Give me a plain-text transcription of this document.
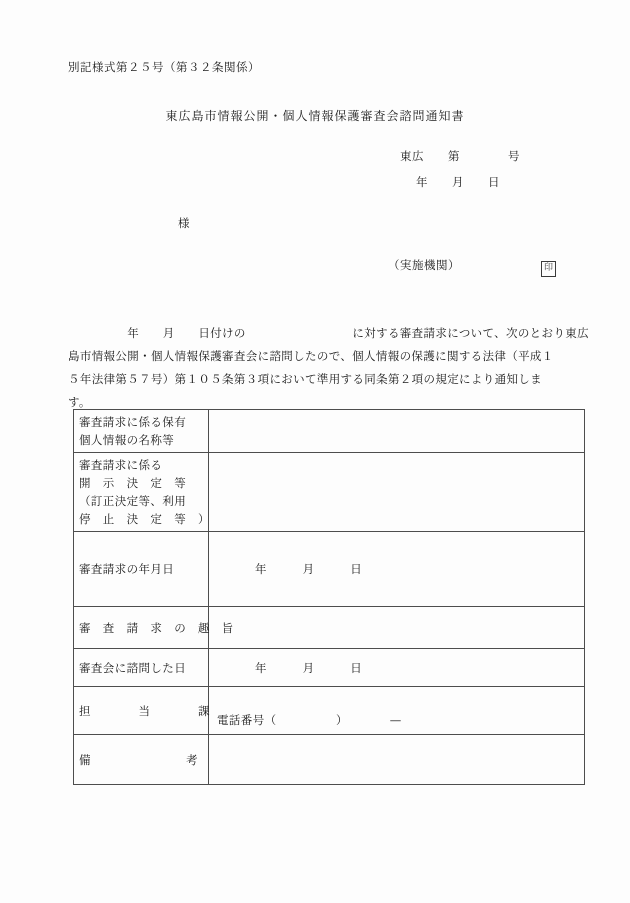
別記様式第２５号（第３２条関係）
東広島市情報公開・個人情報保護審査会諮問通知書
東広　　第　　　　号
年　　月　　日
様
（実施機関）	印
　　　　　年　　月　　日付けの　　　　　　　　　に対する審査請求について、次のとおり東広
島市情報公開・個人情報保護審査会に諮問したので、個人情報の保護に関する法律（平成１
５年法律第５７号）第１０５条第３項において準用する同条第２項の規定により通知しま
す。
審査請求に係る保有
個人情報の名称等	

審査請求に係る
開　示　決　定　等
（訂正決定等、利用
停　止　決　定　等　）	

審査請求の年月日	年　　　月　　　日

審　査　請　求　の　趣　旨	

審査会に諮問した日	年　　　月　　　日

担　　　　当　　　　課	電話番号（　　　　　）　　　　—

備　　　　　　　　考	
